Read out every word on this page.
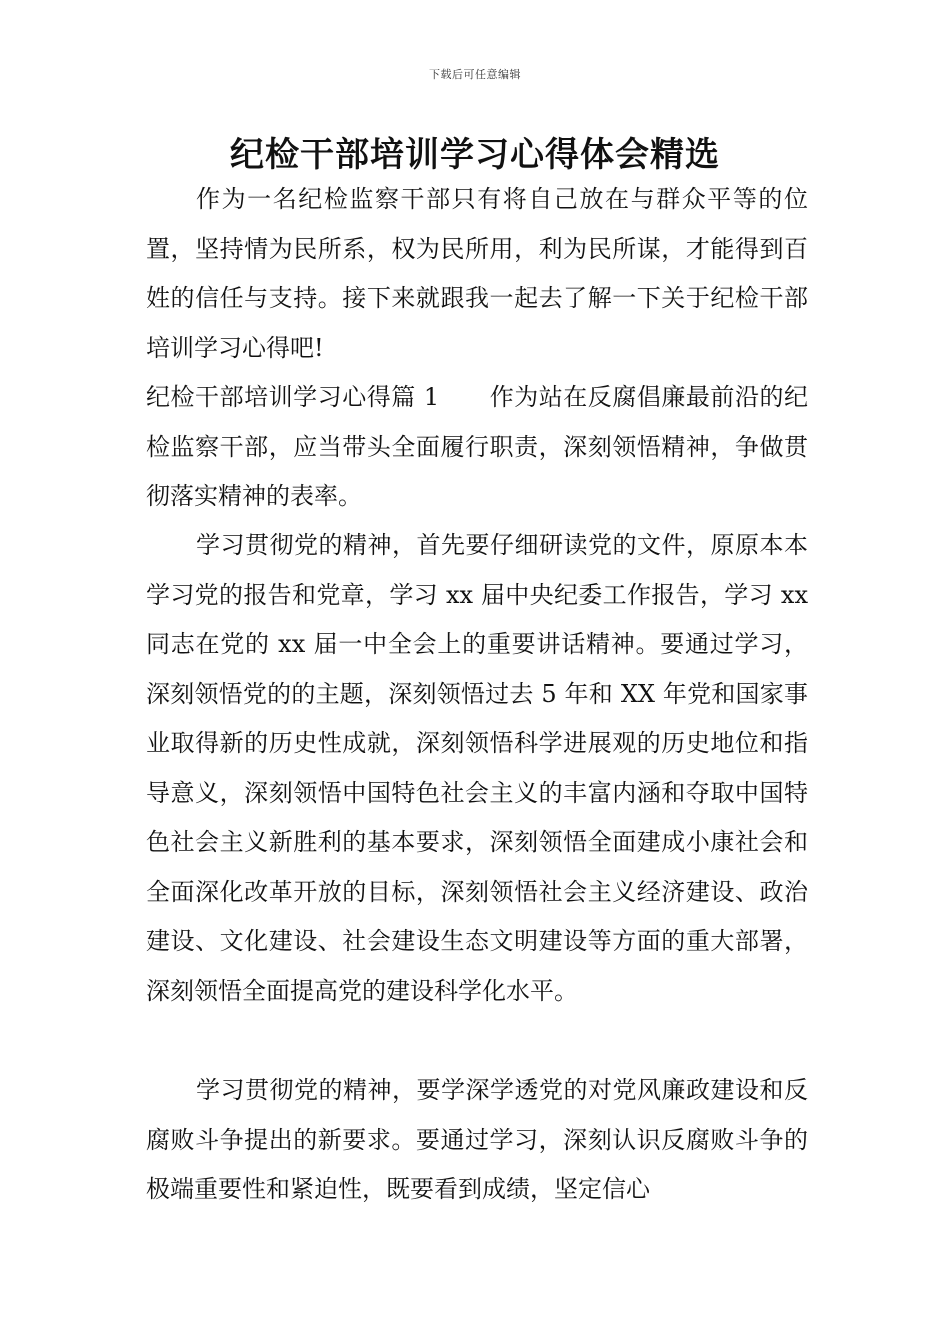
下载后可任意编辑
纪检干部培训学习心得体会精选

作为一名纪检监察干部只有将自己放在与群众平等的位置，坚持情为民所系，权为民所用，利为民所谋，才能得到百姓的信任与支持。接下来就跟我一起去了解一下关于纪检干部培训学习心得吧!

纪检干部培训学习心得篇 1 作为站在反腐倡廉最前沿的纪检监察干部，应当带头全面履行职责，深刻领悟精神，争做贯彻落实精神的表率。

学习贯彻党的精神，首先要仔细研读党的文件，原原本本学习党的报告和党章，学习 xx 届中央纪委工作报告，学习 xx 同志在党的 xx 届一中全会上的重要讲话精神。要通过学习，深刻领悟党的的主题，深刻领悟过去 5 年和 XX 年党和国家事业取得新的历史性成就，深刻领悟科学进展观的历史地位和指导意义，深刻领悟中国特色社会主义的丰富内涵和夺取中国特色社会主义新胜利的基本要求，深刻领悟全面建成小康社会和全面深化改革开放的目标，深刻领悟社会主义经济建设、政治建设、文化建设、社会建设生态文明建设等方面的重大部署，深刻领悟全面提高党的建设科学化水平。

学习贯彻党的精神，要学深学透党的对党风廉政建设和反腐败斗争提出的新要求。要通过学习，深刻认识反腐败斗争的极端重要性和紧迫性，既要看到成绩，坚定信心
